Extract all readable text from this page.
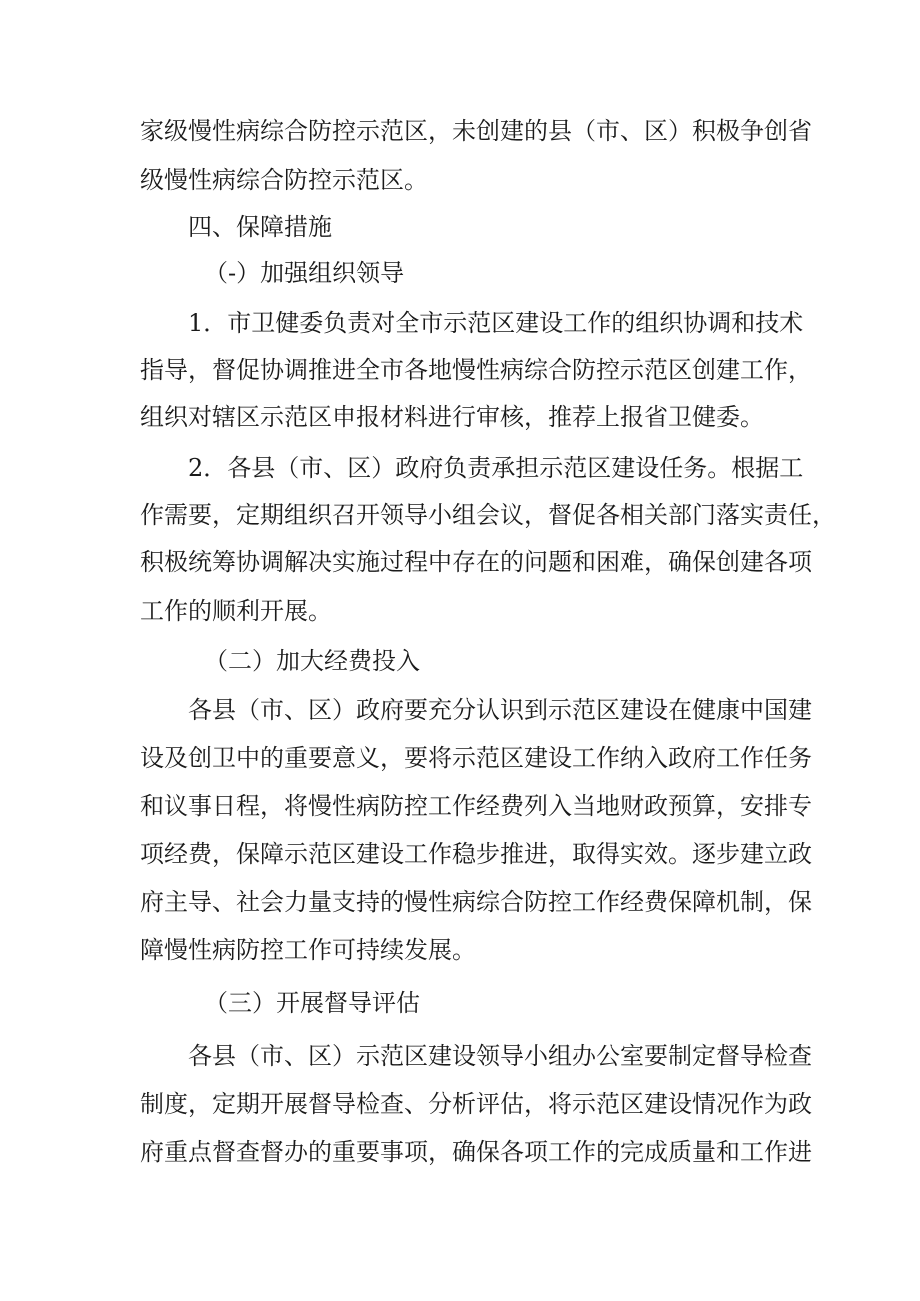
家级慢性病综合防控示范区，未创建的县（市、区）积极争创省
级慢性病综合防控示范区。
四、保障措施
（-）加强组织领导
1．市卫健委负责对全市示范区建设工作的组织协调和技术
指导，督促协调推进全市各地慢性病综合防控示范区创建工作，
组织对辖区示范区申报材料进行审核，推荐上报省卫健委。
2．各县（市、区）政府负责承担示范区建设任务。根据工
作需要，定期组织召开领导小组会议，督促各相关部门落实责任，
积极统筹协调解决实施过程中存在的问题和困难，确保创建各项
工作的顺利开展。
（二）加大经费投入
各县（市、区）政府要充分认识到示范区建设在健康中国建
设及创卫中的重要意义，要将示范区建设工作纳入政府工作任务
和议事日程，将慢性病防控工作经费列入当地财政预算，安排专
项经费，保障示范区建设工作稳步推进，取得实效。逐步建立政
府主导、社会力量支持的慢性病综合防控工作经费保障机制，保
障慢性病防控工作可持续发展。
（三）开展督导评估
各县（市、区）示范区建设领导小组办公室要制定督导检查
制度，定期开展督导检查、分析评估，将示范区建设情况作为政
府重点督查督办的重要事项，确保各项工作的完成质量和工作进
